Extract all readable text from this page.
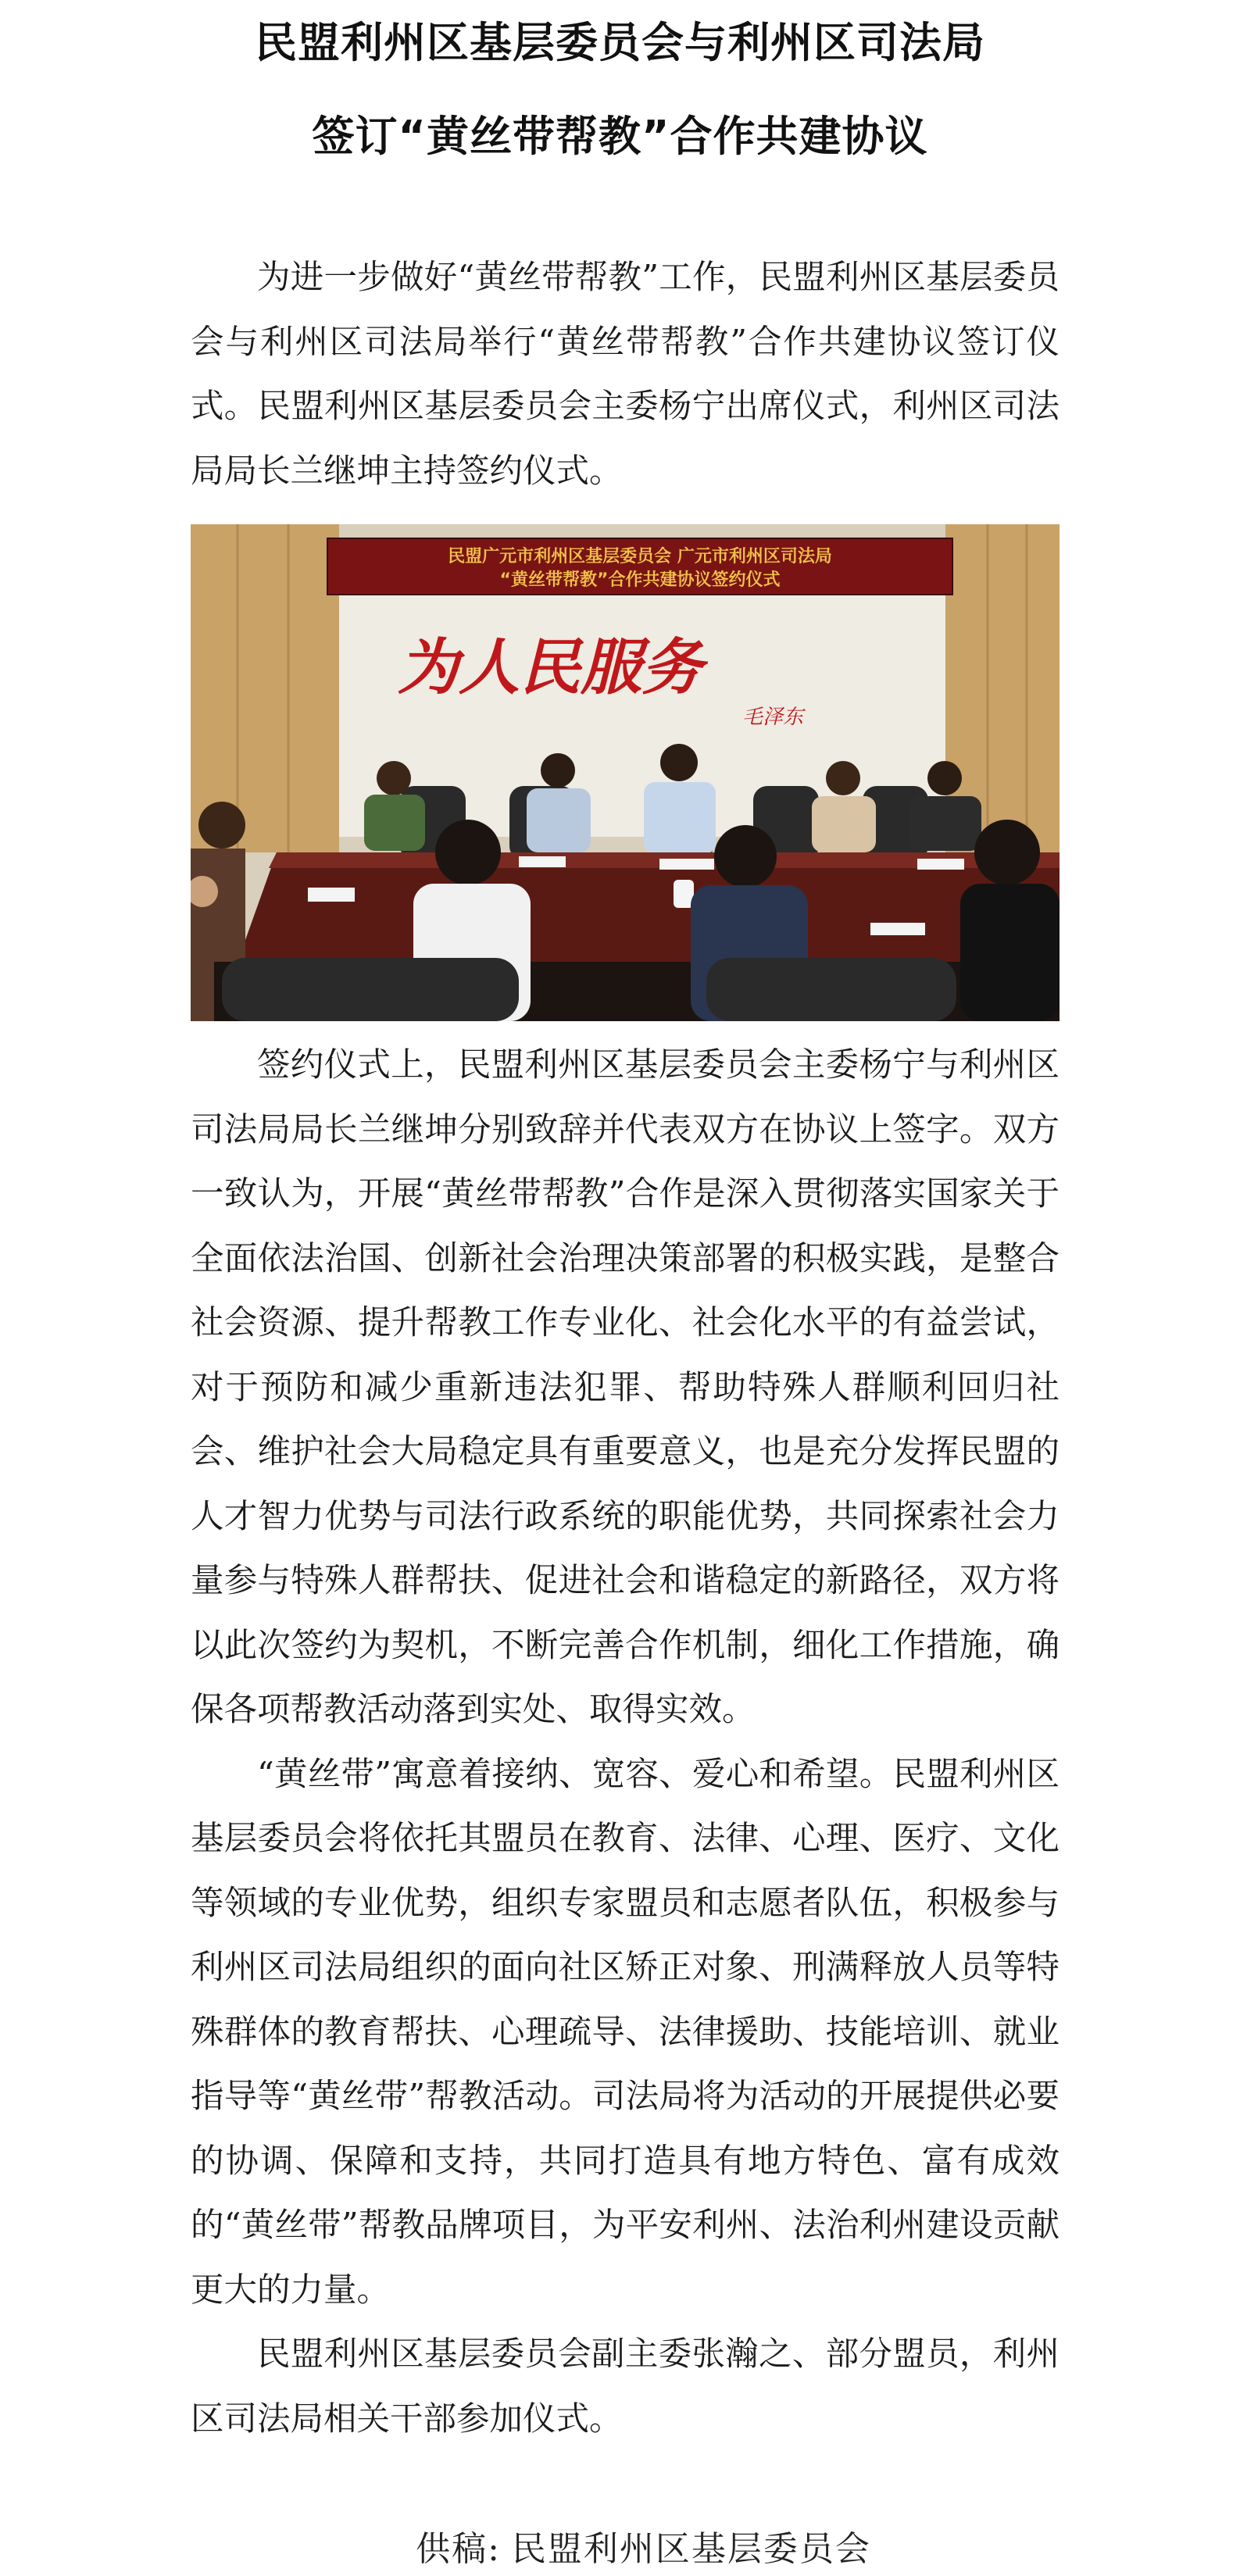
民盟利州区基层委员会与利州区司法局
签订“黄丝带帮教”合作共建协议

为进一步做好“黄丝带帮教”工作，民盟利州区基层委员会与利州区司法局举行“黄丝带帮教”合作共建协议签订仪式。民盟利州区基层委员会主委杨宁出席仪式，利州区司法局局长兰继坤主持签约仪式。

民盟广元市利州区基层委员会 广元市利州区司法局
“黄丝带帮教”合作共建协议签约仪式
为人民服务
毛泽东

签约仪式上，民盟利州区基层委员会主委杨宁与利州区司法局局长兰继坤分别致辞并代表双方在协议上签字。双方一致认为，开展“黄丝带帮教”合作是深入贯彻落实国家关于全面依法治国、创新社会治理决策部署的积极实践，是整合社会资源、提升帮教工作专业化、社会化水平的有益尝试，对于预防和减少重新违法犯罪、帮助特殊人群顺利回归社会、维护社会大局稳定具有重要意义，也是充分发挥民盟的人才智力优势与司法行政系统的职能优势，共同探索社会力量参与特殊人群帮扶、促进社会和谐稳定的新路径，双方将以此次签约为契机，不断完善合作机制，细化工作措施，确保各项帮教活动落到实处、取得实效。

“黄丝带”寓意着接纳、宽容、爱心和希望。民盟利州区基层委员会将依托其盟员在教育、法律、心理、医疗、文化等领域的专业优势，组织专家盟员和志愿者队伍，积极参与利州区司法局组织的面向社区矫正对象、刑满释放人员等特殊群体的教育帮扶、心理疏导、法律援助、技能培训、就业指导等“黄丝带”帮教活动。司法局将为活动的开展提供必要的协调、保障和支持，共同打造具有地方特色、富有成效的“黄丝带”帮教品牌项目，为平安利州、法治利州建设贡献更大的力量。

民盟利州区基层委员会副主委张瀚之、部分盟员，利州区司法局相关干部参加仪式。

供稿: 民盟利州区基层委员会
